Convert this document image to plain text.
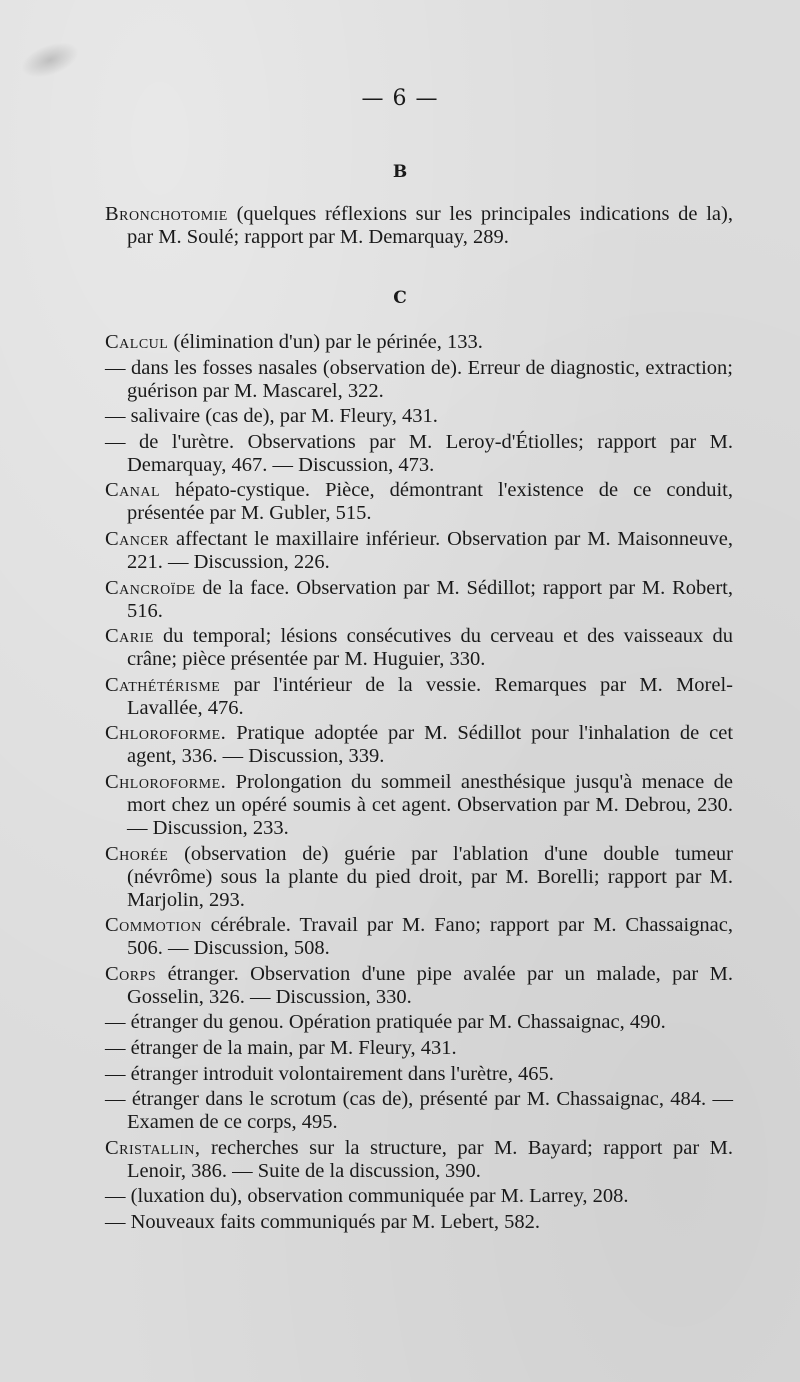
— 6 —
B

Bronchotomie (quelques réflexions sur les principales indications de la), par M. Soulé; rapport par M. Demarquay, 289.

C

Calcul (élimination d'un) par le périnée, 133.

— dans les fosses nasales (observation de). Erreur de diagnostic, extraction; guérison par M. Mascarel, 322.

— salivaire (cas de), par M. Fleury, 431.

— de l'urètre. Observations par M. Leroy-d'Étiolles; rapport par M. Demarquay, 467. — Discussion, 473.

Canal hépato-cystique. Pièce, démontrant l'existence de ce conduit, présentée par M. Gubler, 515.

Cancer affectant le maxillaire inférieur. Observation par M. Maisonneuve, 221. — Discussion, 226.

Cancroïde de la face. Observation par M. Sédillot; rapport par M. Robert, 516.

Carie du temporal; lésions consécutives du cerveau et des vaisseaux du crâne; pièce présentée par M. Huguier, 330.

Cathétérisme par l'intérieur de la vessie. Remarques par M. Morel-Lavallée, 476.

Chloroforme. Pratique adoptée par M. Sédillot pour l'inhalation de cet agent, 336. — Discussion, 339.

Chloroforme. Prolongation du sommeil anesthésique jusqu'à menace de mort chez un opéré soumis à cet agent. Observation par M. Debrou, 230. — Discussion, 233.

Chorée (observation de) guérie par l'ablation d'une double tumeur (névrôme) sous la plante du pied droit, par M. Borelli; rapport par M. Marjolin, 293.

Commotion cérébrale. Travail par M. Fano; rapport par M. Chassaignac, 506. — Discussion, 508.

Corps étranger. Observation d'une pipe avalée par un malade, par M. Gosselin, 326. — Discussion, 330.

— étranger du genou. Opération pratiquée par M. Chassaignac, 490.

— étranger de la main, par M. Fleury, 431.

— étranger introduit volontairement dans l'urètre, 465.

— étranger dans le scrotum (cas de), présenté par M. Chassaignac, 484. — Examen de ce corps, 495.

Cristallin, recherches sur la structure, par M. Bayard; rapport par M. Lenoir, 386. — Suite de la discussion, 390.

— (luxation du), observation communiquée par M. Larrey, 208.

— Nouveaux faits communiqués par M. Lebert, 582.
